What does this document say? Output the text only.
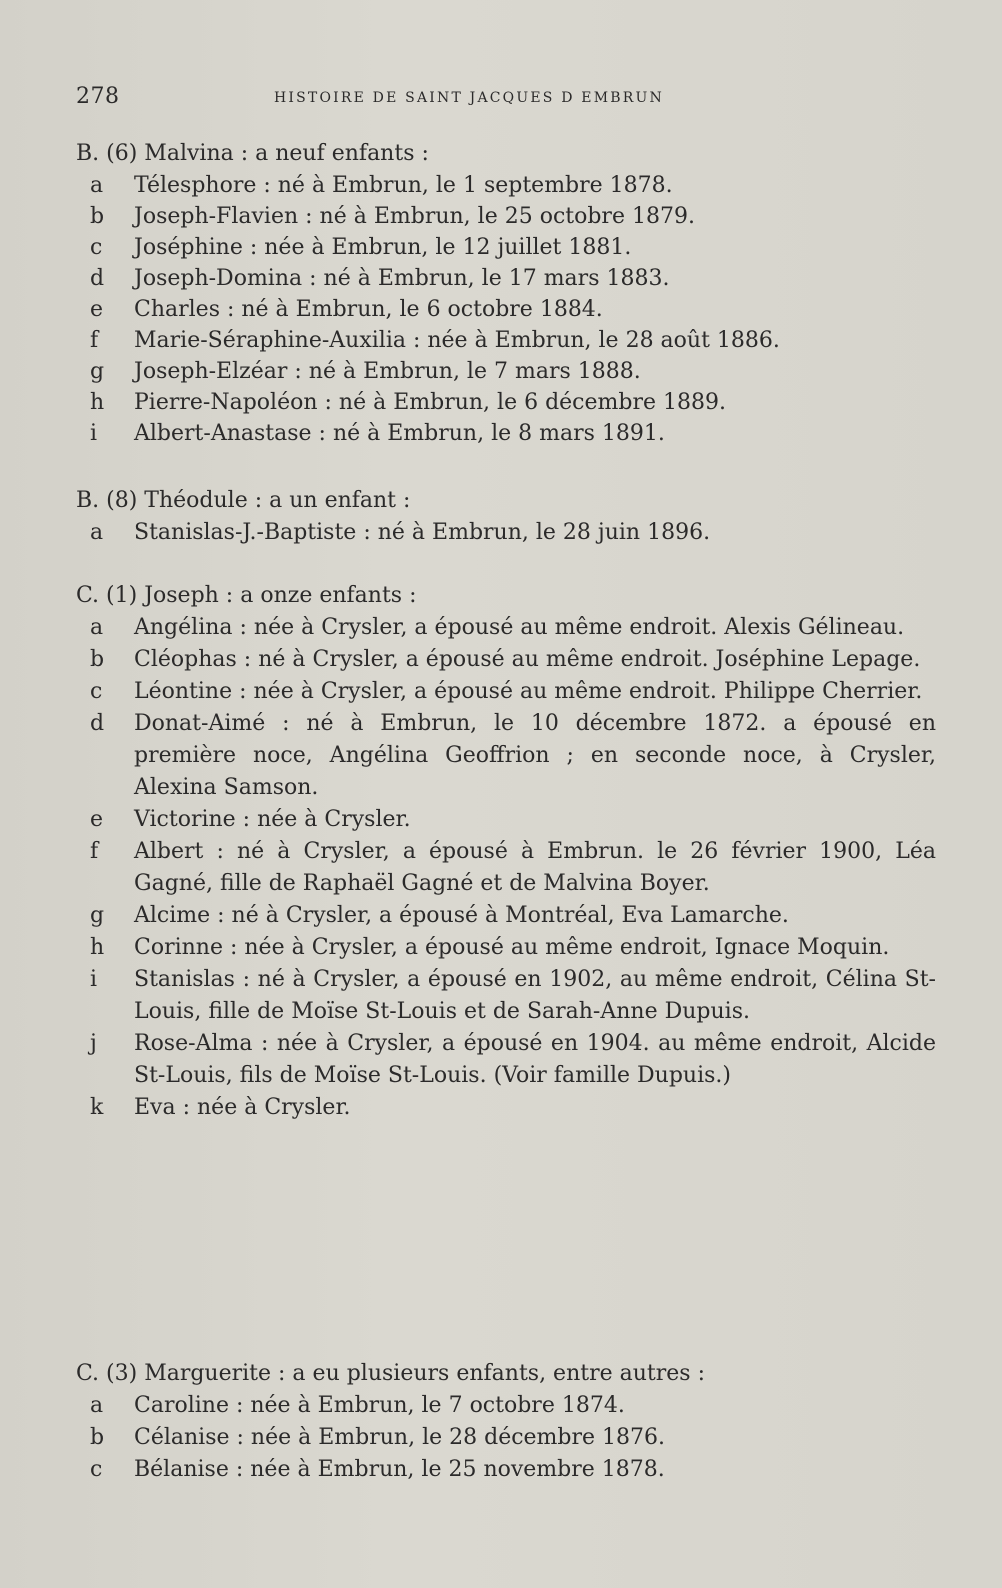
278	HISTOIRE DE SAINT JACQUES D EMBRUN
B. (6) Malvina : a neuf enfants :
a	Télesphore : né à Embrun, le 1 septembre 1878.
b	Joseph-Flavien : né à Embrun, le 25 octobre 1879.
c	Joséphine : née à Embrun, le 12 juillet 1881.
d	Joseph-Domina : né à Embrun, le 17 mars 1883.
e	Charles : né à Embrun, le 6 octobre 1884.
f	Marie-Séraphine-Auxilia : née à Embrun, le 28 août 1886.
g	Joseph-Elzéar : né à Embrun, le 7 mars 1888.
h	Pierre-Napoléon : né à Embrun, le 6 décembre 1889.
i	Albert-Anastase : né à Embrun, le 8 mars 1891.
B. (8) Théodule : a un enfant :
a	Stanislas-J.-Baptiste : né à Embrun, le 28 juin 1896.
C. (1) Joseph : a onze enfants :
a	Angélina : née à Crysler, a épousé au même endroit. Alexis Gélineau.
b	Cléophas : né à Crysler, a épousé au même endroit. Joséphine Lepage.
c	Léontine : née à Crysler, a épousé au même endroit. Philippe Cherrier.
d	Donat-Aimé : né à Embrun, le 10 décembre 1872. a épousé en première noce, Angélina Geoffrion ; en seconde noce, à Crysler, Alexina Samson.
e	Victorine : née à Crysler.
f	Albert : né à Crysler, a épousé à Embrun. le 26 février 1900, Léa Gagné, fille de Raphaël Gagné et de Malvina Boyer.
g	Alcime : né à Crysler, a épousé à Montréal, Eva Lamarche.
h	Corinne : née à Crysler, a épousé au même endroit, Ignace Moquin.
i	Stanislas : né à Crysler, a épousé en 1902, au même endroit, Célina St-Louis, fille de Moïse St-Louis et de Sarah-Anne Dupuis.
j	Rose-Alma : née à Crysler, a épousé en 1904. au même endroit, Alcide St-Louis, fils de Moïse St-Louis. (Voir famille Dupuis.)
k	Eva : née à Crysler.
C. (3) Marguerite : a eu plusieurs enfants, entre autres :
a	Caroline : née à Embrun, le 7 octobre 1874.
b	Célanise : née à Embrun, le 28 décembre 1876.
c	Bélanise : née à Embrun, le 25 novembre 1878.
